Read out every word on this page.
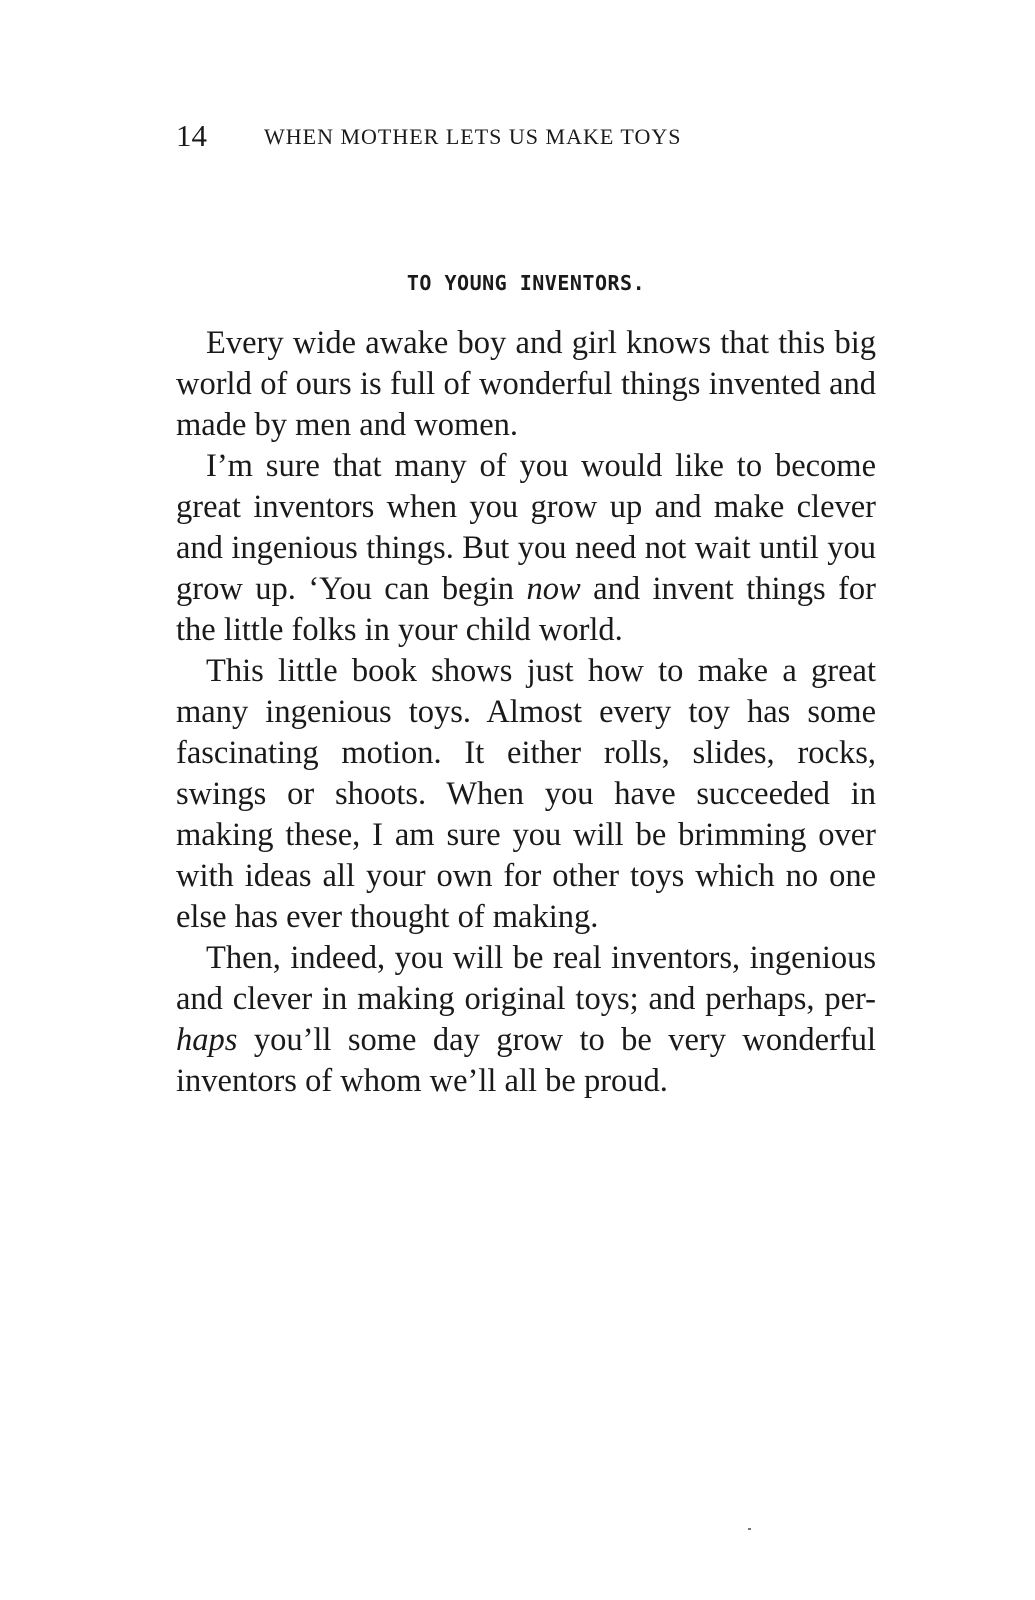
14	WHEN MOTHER LETS US MAKE TOYS
TO YOUNG INVENTORS.

Every wide awake boy and girl knows that this big world of ours is full of wonderful things invented and made by men and women.

I’m sure that many of you would like to become great inventors when you grow up and make clever and ingenious things. But you need not wait until you grow up. ‘You can begin now and invent things for the little folks in your child world.

This little book shows just how to make a great many ingenious toys. Almost every toy has some fascinating motion. It either rolls, slides, rocks, swings or shoots. When you have succeeded in making these, I am sure you will be brimming over with ideas all your own for other toys which no one else has ever thought of making.

Then, indeed, you will be real inventors, ingenious and clever in making original toys; and perhaps, per-haps you’ll some day grow to be very wonderful inventors of whom we’ll all be proud.
